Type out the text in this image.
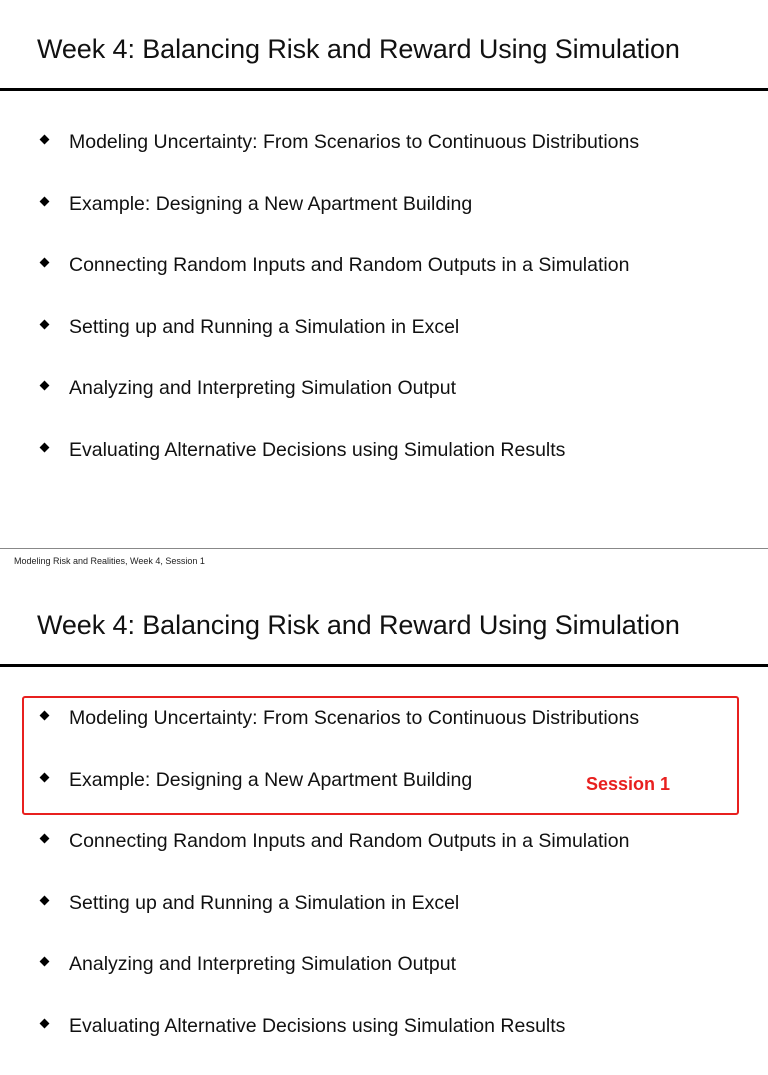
Week 4: Balancing Risk and Reward Using Simulation
Modeling Uncertainty: From Scenarios to Continuous Distributions
Example: Designing a New Apartment Building
Connecting Random Inputs and Random Outputs in a Simulation
Setting up and Running a Simulation in Excel
Analyzing and Interpreting Simulation Output
Evaluating Alternative Decisions using Simulation Results
Modeling Risk and Realities, Week 4, Session 1
Week 4: Balancing Risk and Reward Using Simulation
Modeling Uncertainty: From Scenarios to Continuous Distributions
Example: Designing a New Apartment Building
Connecting Random Inputs and Random Outputs in a Simulation
Setting up and Running a Simulation in Excel
Analyzing and Interpreting Simulation Output
Evaluating Alternative Decisions using Simulation Results
Session 1
